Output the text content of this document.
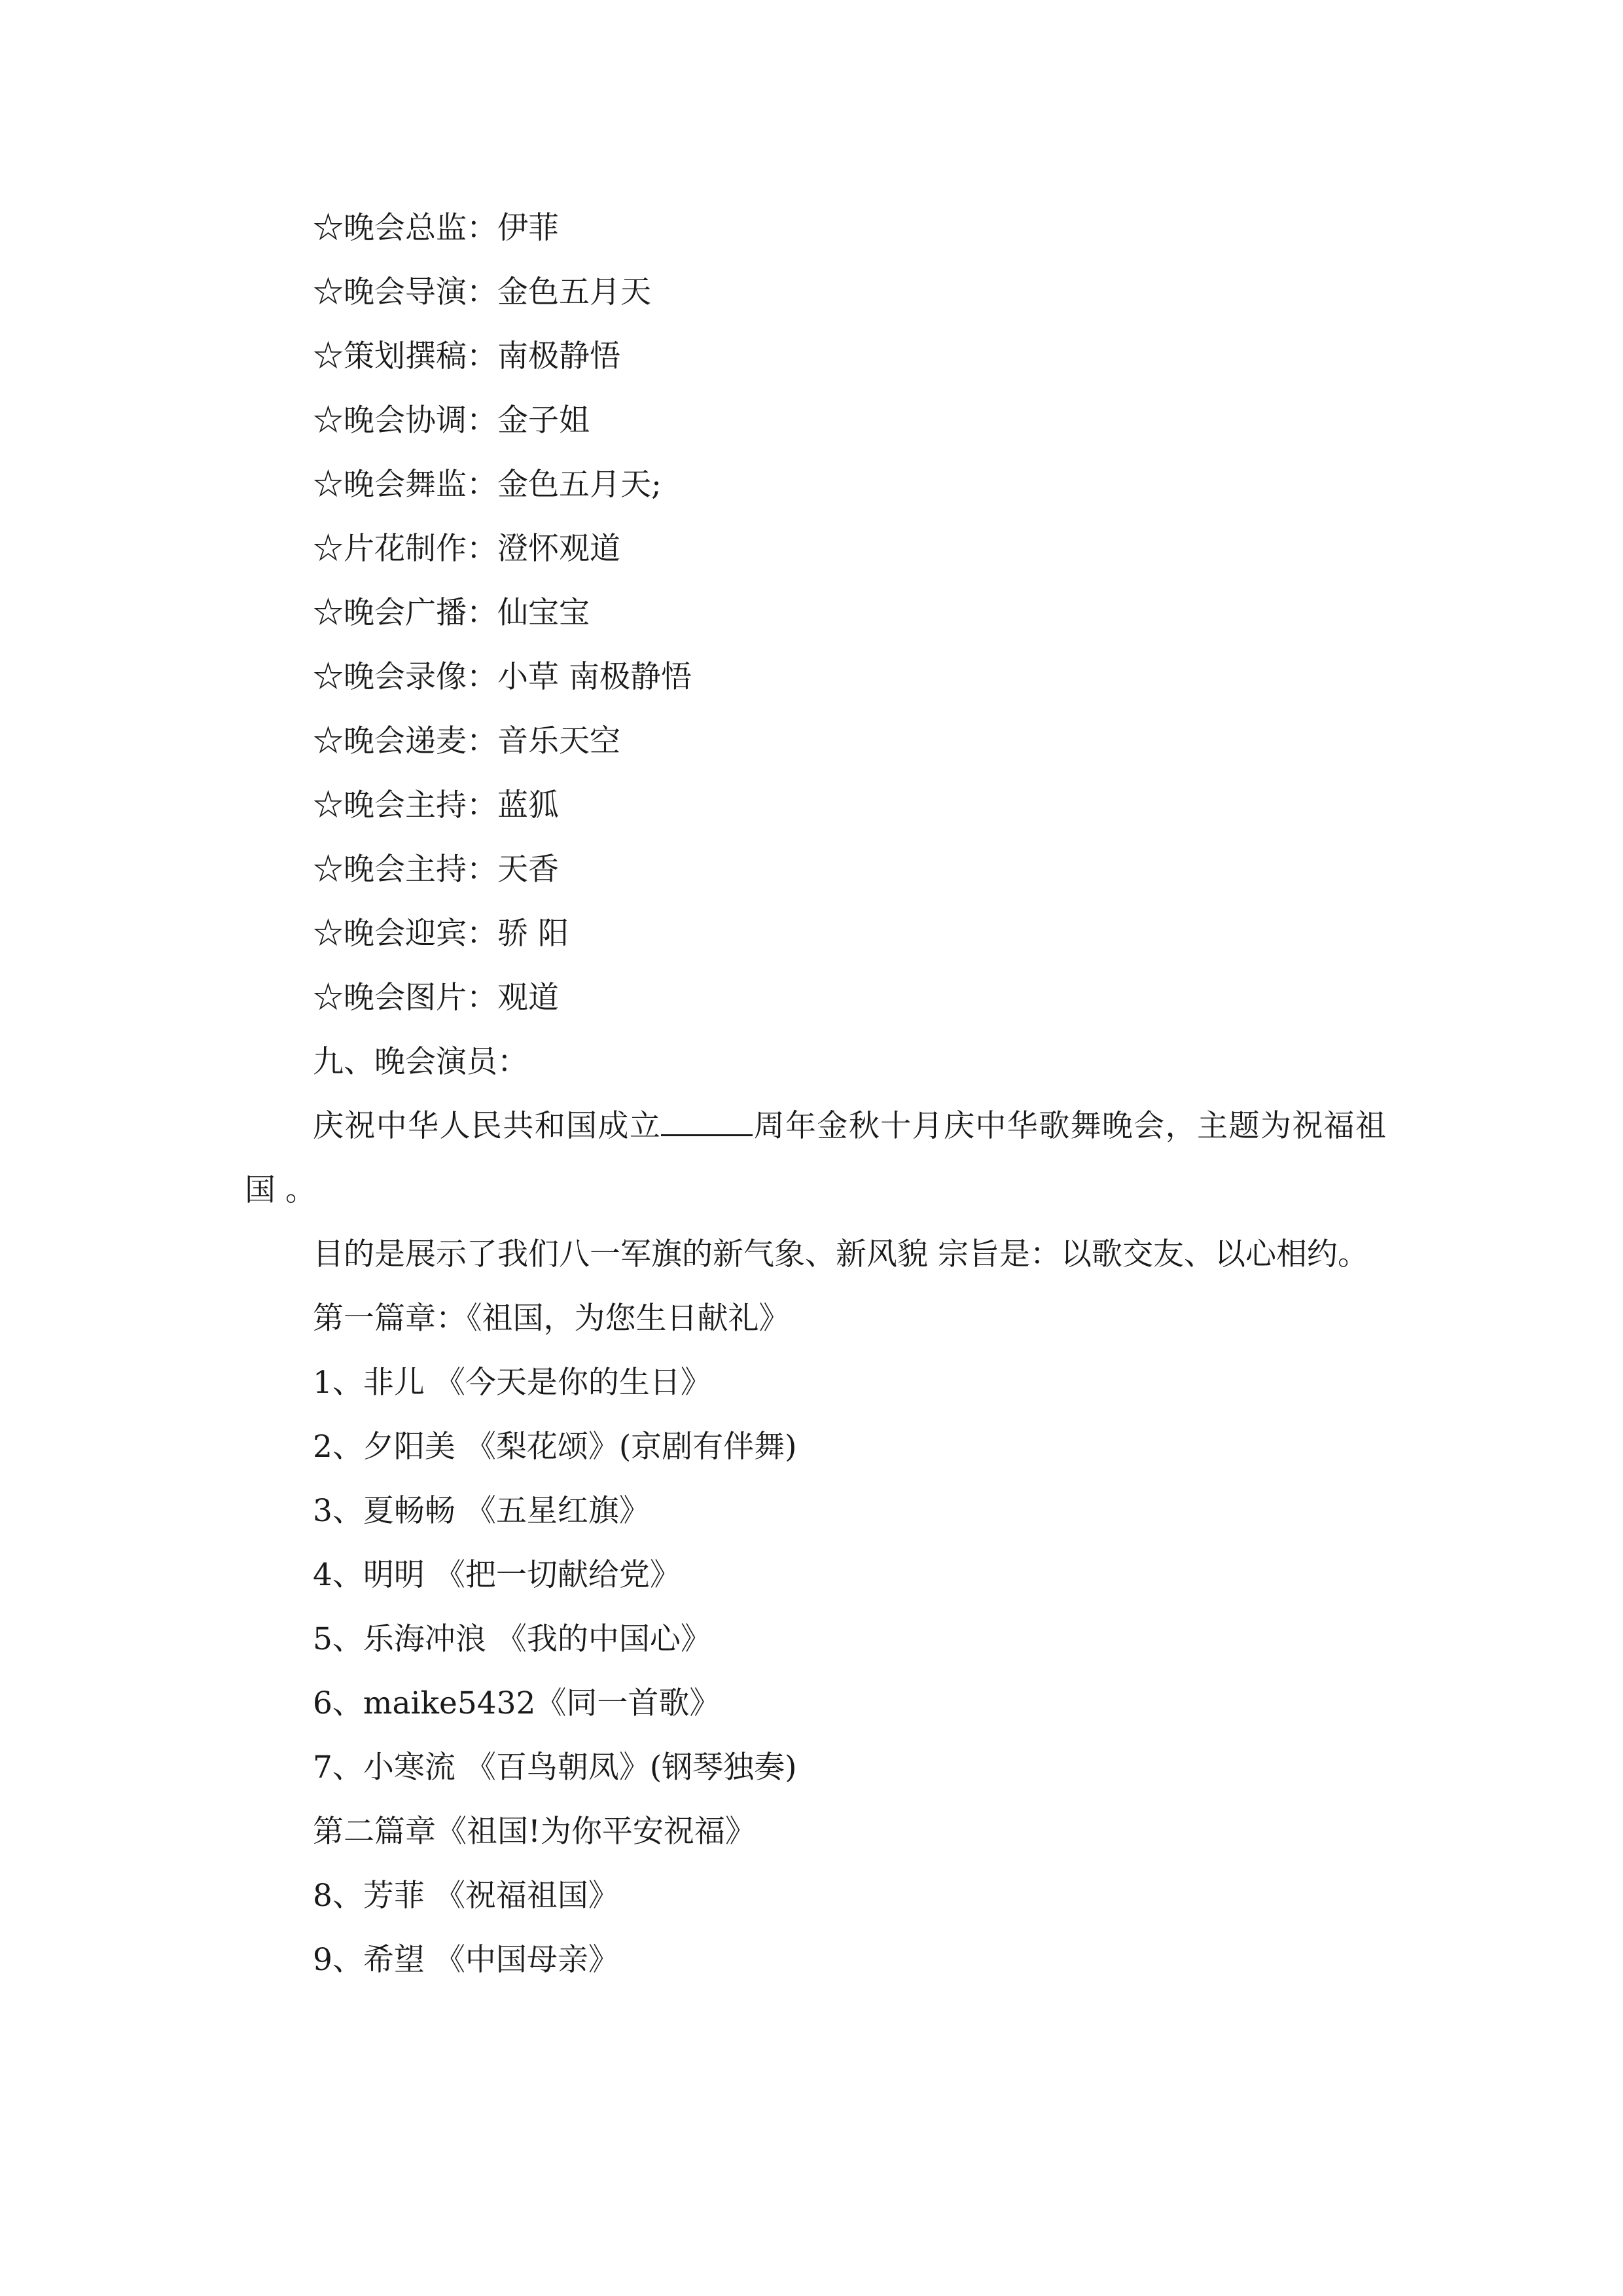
☆晚会总监：伊菲
☆晚会导演：金色五月天
☆策划撰稿：南极静悟
☆晚会协调：金子姐
☆晚会舞监：金色五月天;
☆片花制作：澄怀观道
☆晚会广播：仙宝宝
☆晚会录像：小草 南极静悟
☆晚会递麦：音乐天空
☆晚会主持：蓝狐
☆晚会主持：天香
☆晚会迎宾：骄 阳
☆晚会图片：观道
九、晚会演员：

庆祝中华人民共和国成立	周年金秋十月庆中华歌舞晚会，主题为祝福祖国 。

目的是展示了我们八一军旗的新气象、新风貌 宗旨是：以歌交友、以心相约。

第一篇章：《祖国，为您生日献礼》
1、非儿 《今天是你的生日》
2、夕阳美 《梨花颂》(京剧有伴舞)
3、夏畅畅 《五星红旗》
4、明明 《把一切献给党》
5、乐海冲浪 《我的中国心》
6、maike5432《同一首歌》
7、小寒流 《百鸟朝凤》(钢琴独奏)
第二篇章《祖国!为你平安祝福》
8、芳菲 《祝福祖国》
9、希望 《中国母亲》
